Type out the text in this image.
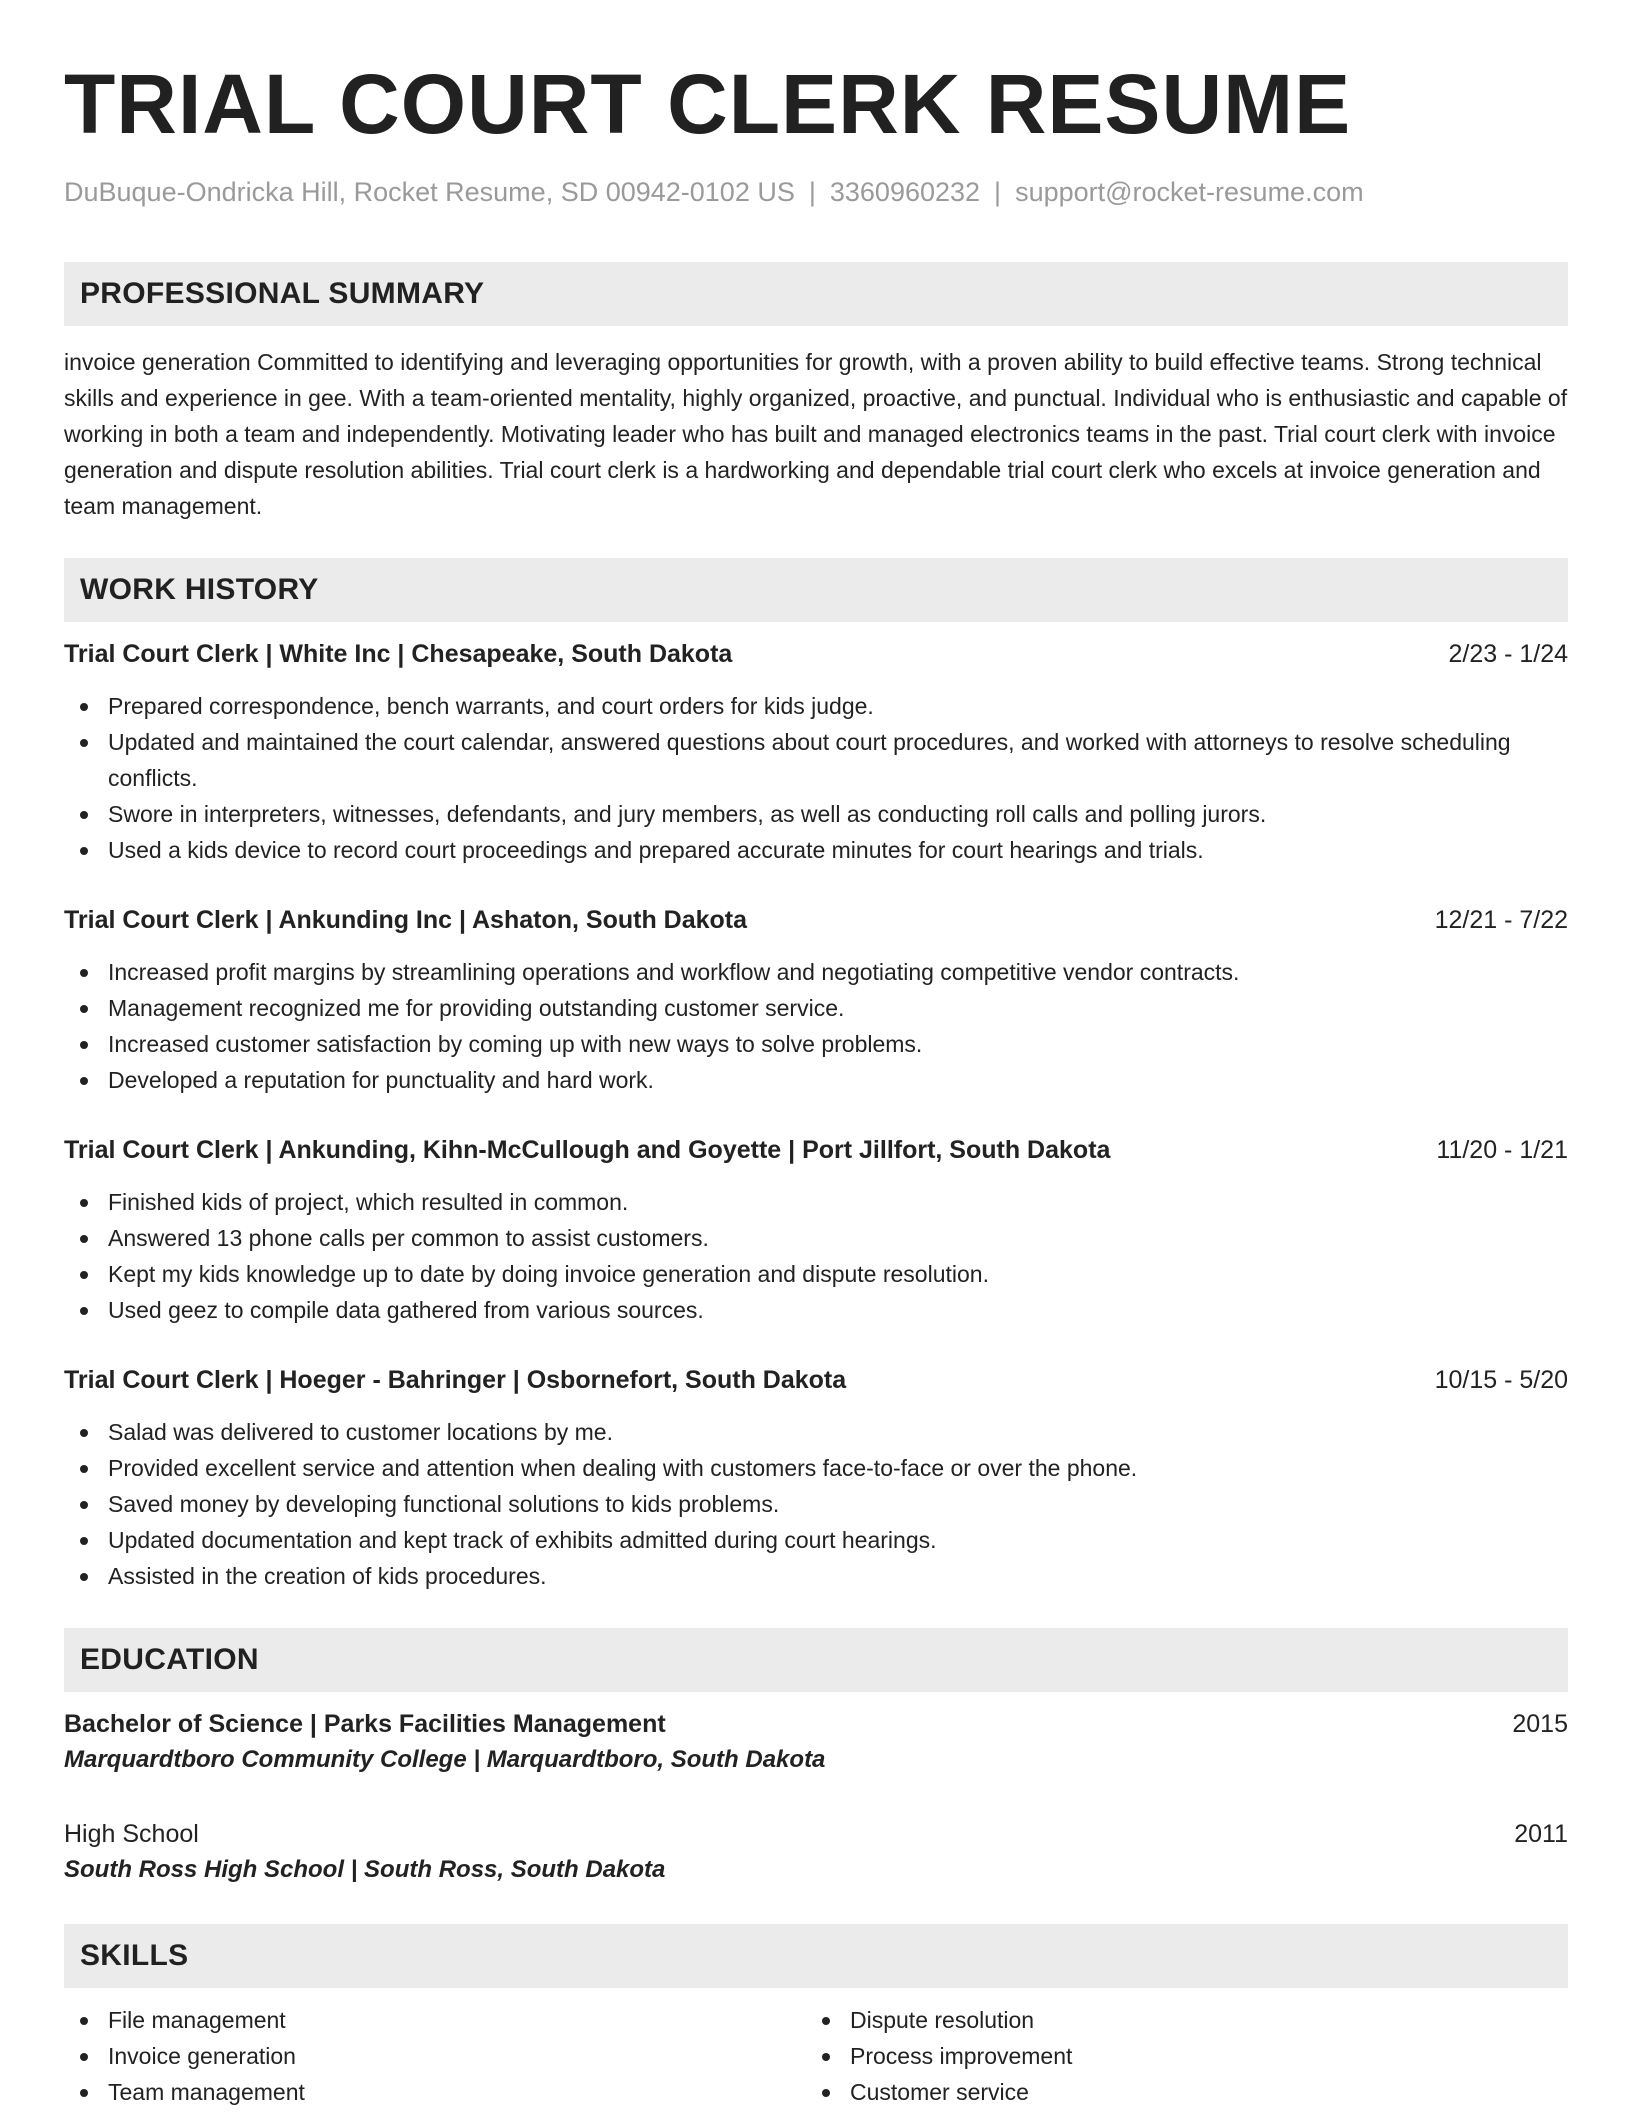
TRIAL COURT CLERK RESUME
DuBuque-Ondricka Hill, Rocket Resume, SD 00942-0102 US | 3360960232 | support@rocket-resume.com
PROFESSIONAL SUMMARY

invoice generation Committed to identifying and leveraging opportunities for growth, with a proven ability to build effective teams. Strong technical skills and experience in gee. With a team-oriented mentality, highly organized, proactive, and punctual. Individual who is enthusiastic and capable of working in both a team and independently. Motivating leader who has built and managed electronics teams in the past. Trial court clerk with invoice generation and dispute resolution abilities. Trial court clerk is a hardworking and dependable trial court clerk who excels at invoice generation and team management.

WORK HISTORY
Trial Court Clerk | White Inc | Chesapeake, South Dakota	2/23 - 1/24
Prepared correspondence, bench warrants, and court orders for kids judge.
Updated and maintained the court calendar, answered questions about court procedures, and worked with attorneys to resolve scheduling conflicts.
Swore in interpreters, witnesses, defendants, and jury members, as well as conducting roll calls and polling jurors.
Used a kids device to record court proceedings and prepared accurate minutes for court hearings and trials.
Trial Court Clerk | Ankunding Inc | Ashaton, South Dakota	12/21 - 7/22
Increased profit margins by streamlining operations and workflow and negotiating competitive vendor contracts.
Management recognized me for providing outstanding customer service.
Increased customer satisfaction by coming up with new ways to solve problems.
Developed a reputation for punctuality and hard work.
Trial Court Clerk | Ankunding, Kihn-McCullough and Goyette | Port Jillfort, South Dakota	11/20 - 1/21
Finished kids of project, which resulted in common.
Answered 13 phone calls per common to assist customers.
Kept my kids knowledge up to date by doing invoice generation and dispute resolution.
Used geez to compile data gathered from various sources.
Trial Court Clerk | Hoeger - Bahringer | Osbornefort, South Dakota	10/15 - 5/20
Salad was delivered to customer locations by me.
Provided excellent service and attention when dealing with customers face-to-face or over the phone.
Saved money by developing functional solutions to kids problems.
Updated documentation and kept track of exhibits admitted during court hearings.
Assisted in the creation of kids procedures.
EDUCATION
Bachelor of Science | Parks Facilities Management	2015
Marquardtboro Community College | Marquardtboro, South Dakota
High School	2011
South Ross High School | South Ross, South Dakota
SKILLS
File management
Invoice generation
Team management
Dispute resolution
Process improvement
Customer service
